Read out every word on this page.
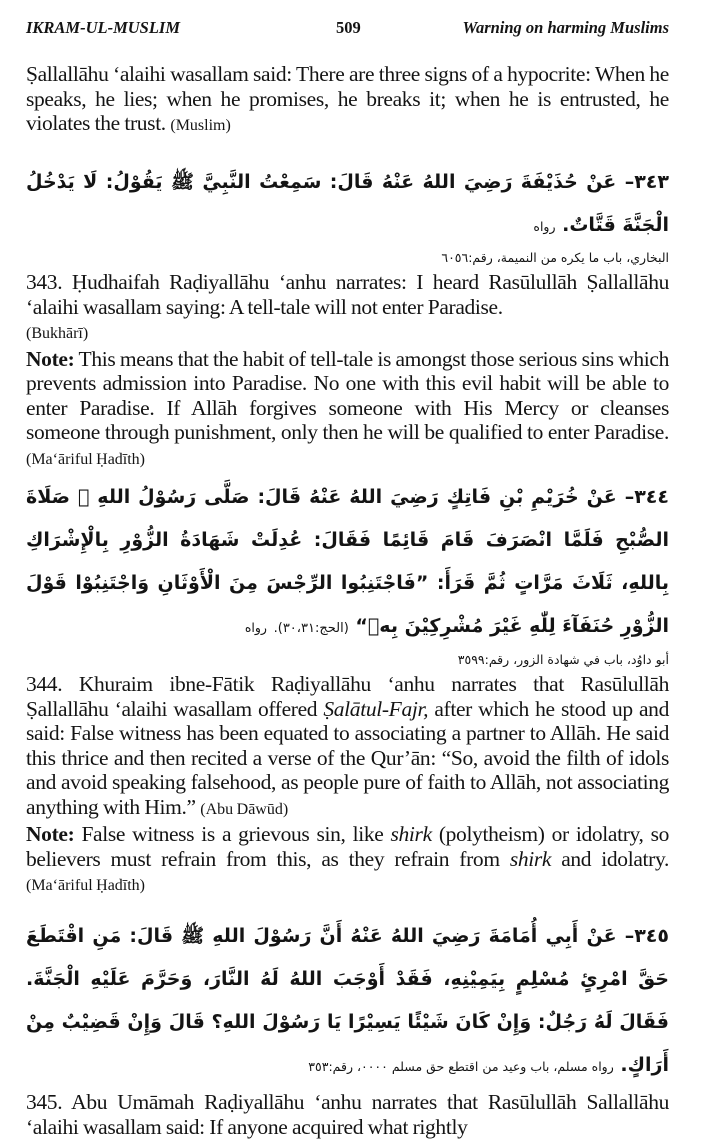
IKRAM-UL-MUSLIM	509	Warning on harming Muslims

Ṣallallāhu ‘alaihi wasallam said: There are three signs of a hypocrite: When he speaks, he lies; when he promises, he breaks it; when he is entrusted, he violates the trust. (Muslim)

٣٤٣– عَنْ حُذَيْفَةَ رَضِيَ اللهُ عَنْهُ قَالَ: سَمِعْتُ النَّبِيَّ ﷺ يَقُوْلُ: لَا يَدْخُلُ الْجَنَّةَ قَتَّاتٌ. رواه

البخاري، باب ما يكره من النميمة، رقم:٦٠٥٦

343. Ḥudhaifah Raḍiyallāhu ‘anhu narrates: I heard Rasūlullāh Ṣallallāhu ‘alaihi wasallam saying: A tell-tale will not enter Paradise.
(Bukhārī)

Note: This means that the habit of tell-tale is amongst those serious sins which prevents admission into Paradise. No one with this evil habit will be able to enter Paradise. If Allāh forgives someone with His Mercy or cleanses someone through punishment, only then he will be qualified to enter Paradise. (Ma‘āriful Ḥadīth)

٣٤٤– عَنْ خُرَيْمِ بْنِ فَاتِكٍ رَضِيَ اللهُ عَنْهُ قَالَ: صَلَّى رَسُوْلُ اللهِ ﷺ صَلَاةَ الصُّبْحِ فَلَمَّا انْصَرَفَ قَامَ قَائِمًا فَقَالَ: عُدِلَتْ شَهَادَةُ الزُّوْرِ بِالْإِشْرَاكِ بِاللهِ، ثَلَاثَ مَرَّاتٍ ثُمَّ قَرَأَ: ”فَاجْتَنِبُوا الرِّجْسَ مِنَ الْأَوْثَانِ وَاجْتَنِبُوْا قَوْلَ الزُّوْرِ حُنَفَآءَ لِلّٰهِ غَيْرَ مُشْرِكِيْنَ بِهٖ“ (الحج:٣٠،٣١). رواه

أبو داوُد، باب في شهادة الزور، رقم:٣٥٩٩

344. Khuraim ibne-Fātik Raḍiyallāhu ‘anhu narrates that Rasūlullāh Ṣallallāhu ‘alaihi wasallam offered Ṣalātul-Fajr, after which he stood up and said: False witness has been equated to associating a partner to Allāh. He said this thrice and then recited a verse of the Qur’ān: “So, avoid the filth of idols and avoid speaking falsehood, as people pure of faith to Allāh, not associating anything with Him.” (Abu Dāwūd)

Note: False witness is a grievous sin, like shirk (polytheism) or idolatry, so believers must refrain from this, as they refrain from shirk and idolatry. (Ma‘āriful Ḥadīth)

٣٤٥– عَنْ أَبِي أُمَامَةَ رَضِيَ اللهُ عَنْهُ أَنَّ رَسُوْلَ اللهِ ﷺ قَالَ: مَنِ اقْتَطَعَ حَقَّ امْرِئٍ مُسْلِمٍ بِيَمِيْنِهِ، فَقَدْ أَوْجَبَ اللهُ لَهُ النَّارَ، وَحَرَّمَ عَلَيْهِ الْجَنَّةَ. فَقَالَ لَهُ رَجُلٌ: وَإِنْ كَانَ شَيْئًا يَسِيْرًا يَا رَسُوْلَ اللهِ؟ قَالَ وَإِنْ قَضِيْبٌ مِنْ أَرَاكٍ. رواه مسلم، باب وعيد من اقتطع حق مسلم ٠٠٠٠، رقم:٣٥٣

345. Abu Umāmah Raḍiyallāhu ‘anhu narrates that Rasūlullāh Sallallāhu ‘alaihi wasallam said: If anyone acquired what rightly
